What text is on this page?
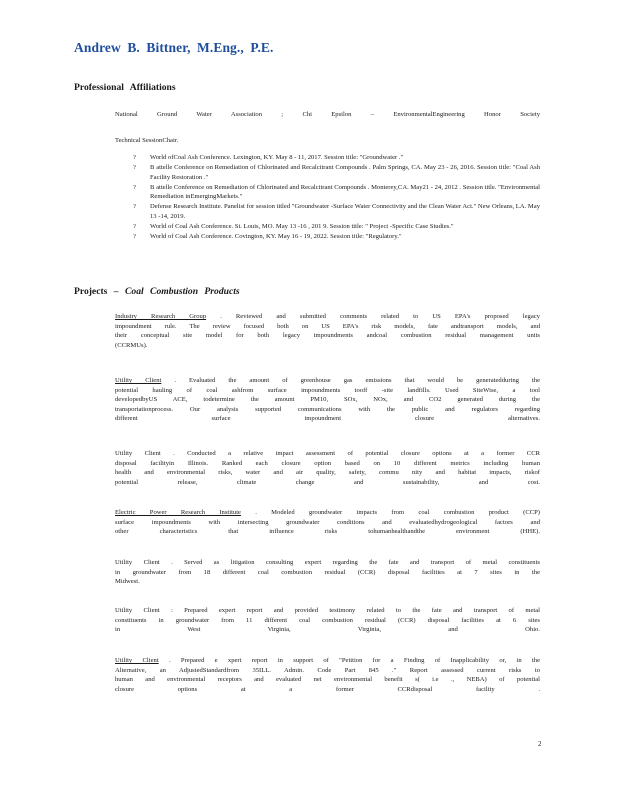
Andrew B. Bittner, M.Eng., P.E.
Professional Affiliations
National Ground Water Association ; Chi Epsilon – EnvironmentalEngineering Honor Society
Technical SessionChair.
? World ofCoal Ash Conference. Lexington, KY. May 8 - 11, 2017. Session title: "Groundwater ."
? B attelle Conference on Remediation of Chlorinated and Recalcitrant Compounds . Palm Springs, CA. May 23 - 26, 2016. Session title: "Coal Ash Facility Restoration ."
? B attelle Conference on Remediation of Chlorinated and Recalcitrant Compounds . Monterey,CA. May21 - 24, 2012 . Session title. "Environmental Remediation inEmergingMarkets."
? Defense Research Institute. Panelist for session titled "Groundwater -Surface Water Connectivity and the Clean Water Act." New Orleans, LA. May 13 -14, 2019.
? World of Coal Ash Conference. St. Louis, MO. May 13 -16 , 201 9. Session title: " Project -Specific Case Studies."
? World of Coal Ash Conference. Covington, KY. May 16 - 19, 2022. Session title: "Regulatory."
Projects – Coal Combustion Products
Industry Research Group . Reviewed and submitted comments related to US EPA's proposed legacy
impoundment rule. The review focused both on US EPA's risk models, fate andtransport models, and
their conceptual site model for both legacy impoundments andcoal combustion residual management units
(CCRMUs).
Utility Client . Evaluated the amount of greenhouse gas emissions that would be generatedduring the
potential hauling of coal ashfrom surface impoundments tooff -site landfills. Used SiteWise, a tool
developedbyUS ACE, todetermine the amount PM10, SOx, NOx, and CO2 generated during the
transportationprocess. Our analysis supported communications with the public and regulators regarding
different surface impoundment closure alternatives.
Utility Client . Conducted a relative impact assessment of potential closure options at a former CCR
disposal facilityin Illinois. Ranked each closure option based on 10 different metrics including human
health and environmental risks, water and air quality, safety, commu nity and habitat impacts, riskof
potential release, climate change and sustainability, and cost.
Electric Power Research Institute . Modeled groundwater impacts from coal combustion product (CCP)
surface impoundments with intersecting groundwater conditions and evaluatedhydrogeological factors and
other characteristics that influence risks tohumanhealthandthe environment (HHE).
Utility Client . Served as litigation consulting expert regarding the fate and transport of metal constituents
in groundwater from 18 different coal combustion residual (CCR) disposal facilities at 7 sites in the
Midwest.
Utility Client : Prepared expert report and provided testimony related to the fate and transport of metal
constituents in groundwater from 11 different coal combustion residual (CCR) disposal facilities at 6 sites
in West Virginia, Virginia, and Ohio.
Utility Client . Prepared e xpert report in support of "Petition for a Finding of Inapplicability or, in the
Alternative, an AdjustedStandardfrom 35ILL. Admin. Code Part 845 ." Report assessed current risks to
human and environmental receptors and evaluated net environmental benefit s( i.e ., NEBA) of potential
closure options at a former CCRdisposal facility .
2
